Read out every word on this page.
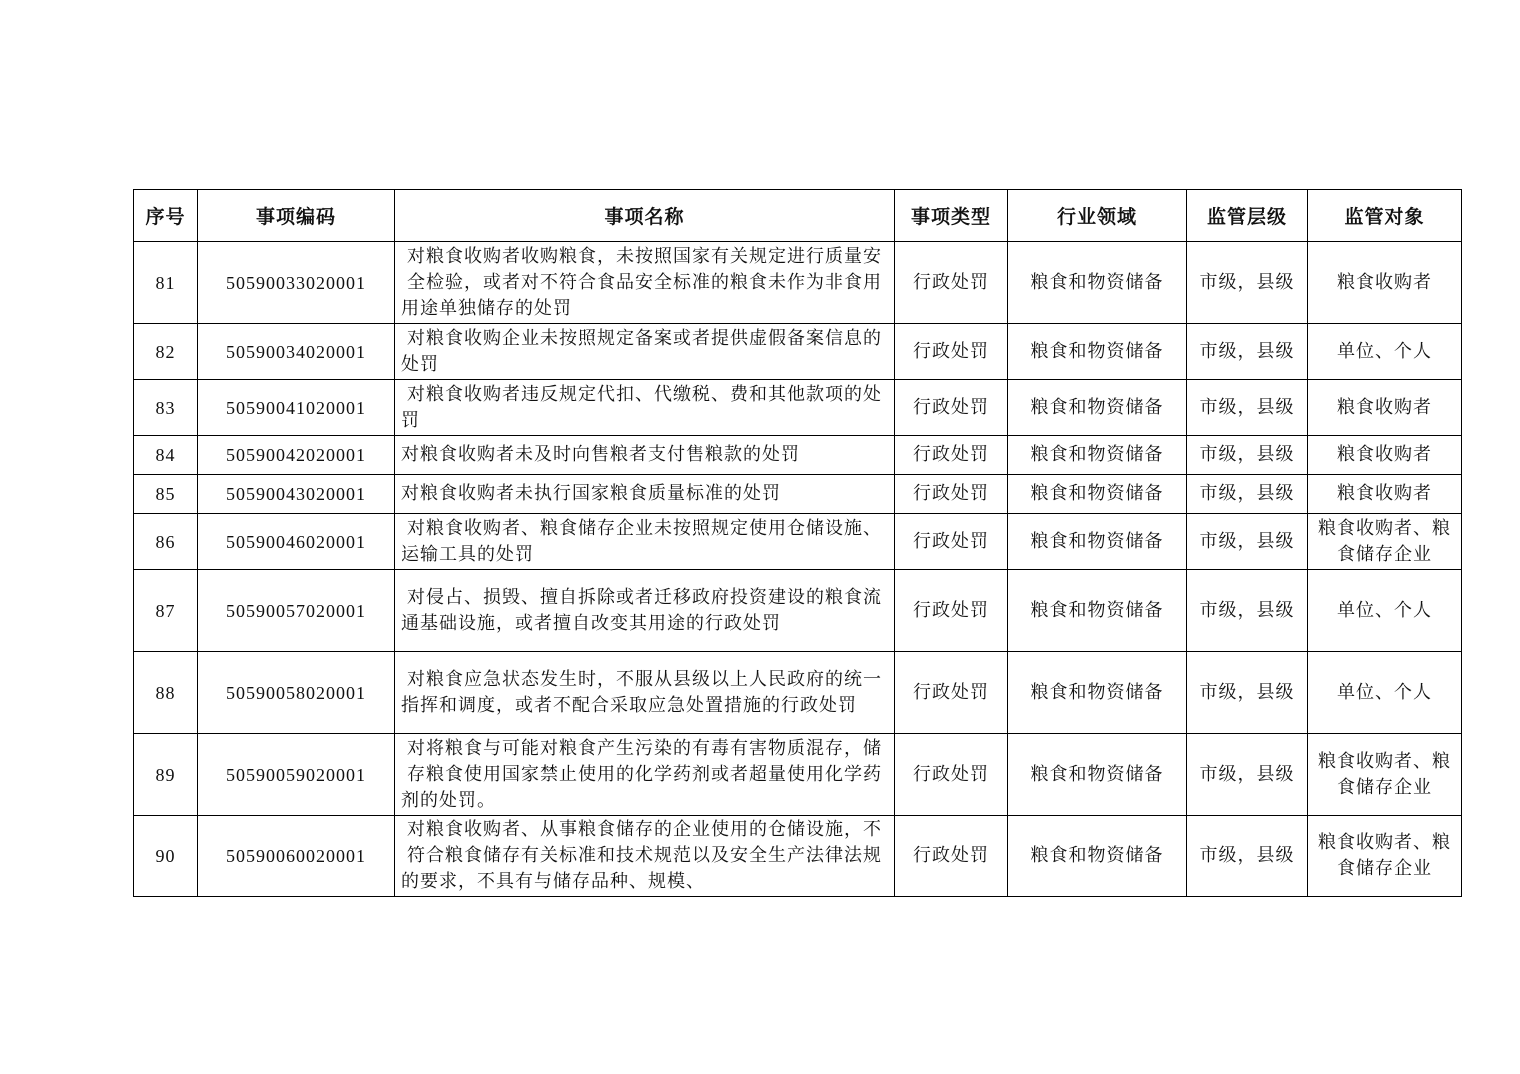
序号	事项编码	事项名称	事项类型	行业领域	监管层级	监管对象
81	50590033020001	对粮食收购者收购粮食，未按照国家有关规定进行质量安全检验，或者对不符合食品安全标准的粮食未作为非食用用途单独储存的处罚	行政处罚	粮食和物资储备	市级，县级	粮食收购者
82	50590034020001	对粮食收购企业未按照规定备案或者提供虚假备案信息的处罚	行政处罚	粮食和物资储备	市级，县级	单位、个人
83	50590041020001	对粮食收购者违反规定代扣、代缴税、费和其他款项的处罚	行政处罚	粮食和物资储备	市级，县级	粮食收购者
84	50590042020001	对粮食收购者未及时向售粮者支付售粮款的处罚	行政处罚	粮食和物资储备	市级，县级	粮食收购者
85	50590043020001	对粮食收购者未执行国家粮食质量标准的处罚	行政处罚	粮食和物资储备	市级，县级	粮食收购者
86	50590046020001	对粮食收购者、粮食储存企业未按照规定使用仓储设施、运输工具的处罚	行政处罚	粮食和物资储备	市级，县级	粮食收购者、粮食储存企业
87	50590057020001	对侵占、损毁、擅自拆除或者迁移政府投资建设的粮食流通基础设施，或者擅自改变其用途的行政处罚	行政处罚	粮食和物资储备	市级，县级	单位、个人
88	50590058020001	对粮食应急状态发生时，不服从县级以上人民政府的统一指挥和调度，或者不配合采取应急处置措施的行政处罚	行政处罚	粮食和物资储备	市级，县级	单位、个人
89	50590059020001	对将粮食与可能对粮食产生污染的有毒有害物质混存，储存粮食使用国家禁止使用的化学药剂或者超量使用化学药剂的处罚。	行政处罚	粮食和物资储备	市级，县级	粮食收购者、粮食储存企业
90	50590060020001	对粮食收购者、从事粮食储存的企业使用的仓储设施，不符合粮食储存有关标准和技术规范以及安全生产法律法规的要求，不具有与储存品种、规模、	行政处罚	粮食和物资储备	市级，县级	粮食收购者、粮食储存企业
